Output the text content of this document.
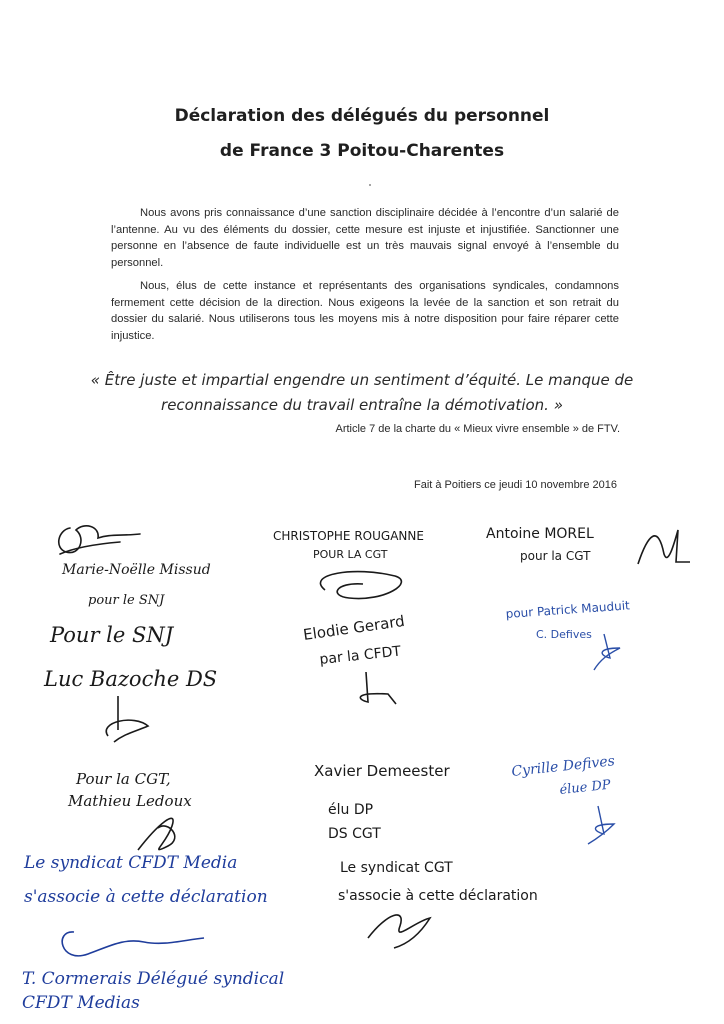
Déclaration des délégués du personnel
de France 3 Poitou-Charentes

Nous avons pris connaissance d’une sanction disciplinaire décidée à l’encontre d’un salarié de l’antenne. Au vu des éléments du dossier, cette mesure est injuste et injustifiée. Sanctionner une personne en l’absence de faute individuelle est un très mauvais signal envoyé à l’ensemble du personnel.

Nous, élus de cette instance et représentants des organisations syndicales, condamnons fermement cette décision de la direction. Nous exigeons la levée de la sanction et son retrait du dossier du salarié. Nous utiliserons tous les moyens mis à notre disposition pour faire réparer cette injustice.

« Être juste et impartial engendre un sentiment d’équité. Le manque de reconnaissance du travail entraîne la démotivation. »
Article 7 de la charte du « Mieux vivre ensemble » de FTV.
Fait à Poitiers ce jeudi 10 novembre 2016
Marie-Noëlle Missud
pour le SNJ
CHRISTOPHE ROUGANNE
POUR LA CGT
Antoine MOREL
pour la CGT
Pour le SNJ
Luc Bazoche DS
Elodie Gerard
par la CFDT
pour Patrick Mauduit
C. Defives
Pour la CGT,
Mathieu Ledoux
Xavier Demeester
élu DP
DS CGT
Cyrille Defives
élue DP
Le syndicat CFDT Media
s'associe à cette déclaration
Le syndicat CGT
s'associe à cette déclaration
T. Cormerais Délégué syndical
CFDT Medias
